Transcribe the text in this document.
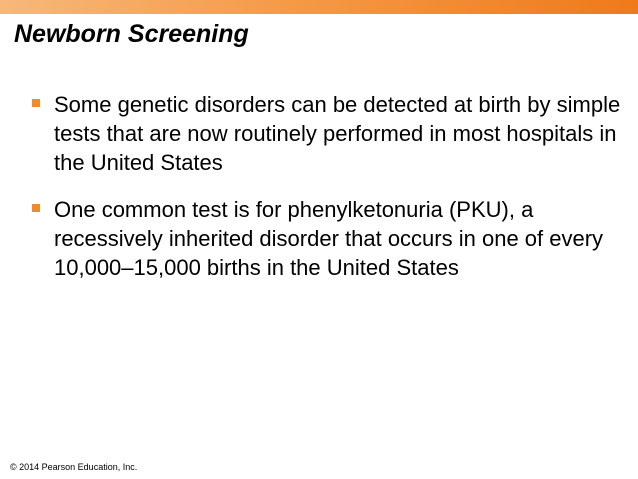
Newborn Screening
Some genetic disorders can be detected at birth by simple tests that are now routinely performed in most hospitals in the United States
One common test is for phenylketonuria (PKU), a recessively inherited disorder that occurs in one of every 10,000–15,000 births in the United States
© 2014 Pearson Education, Inc.
